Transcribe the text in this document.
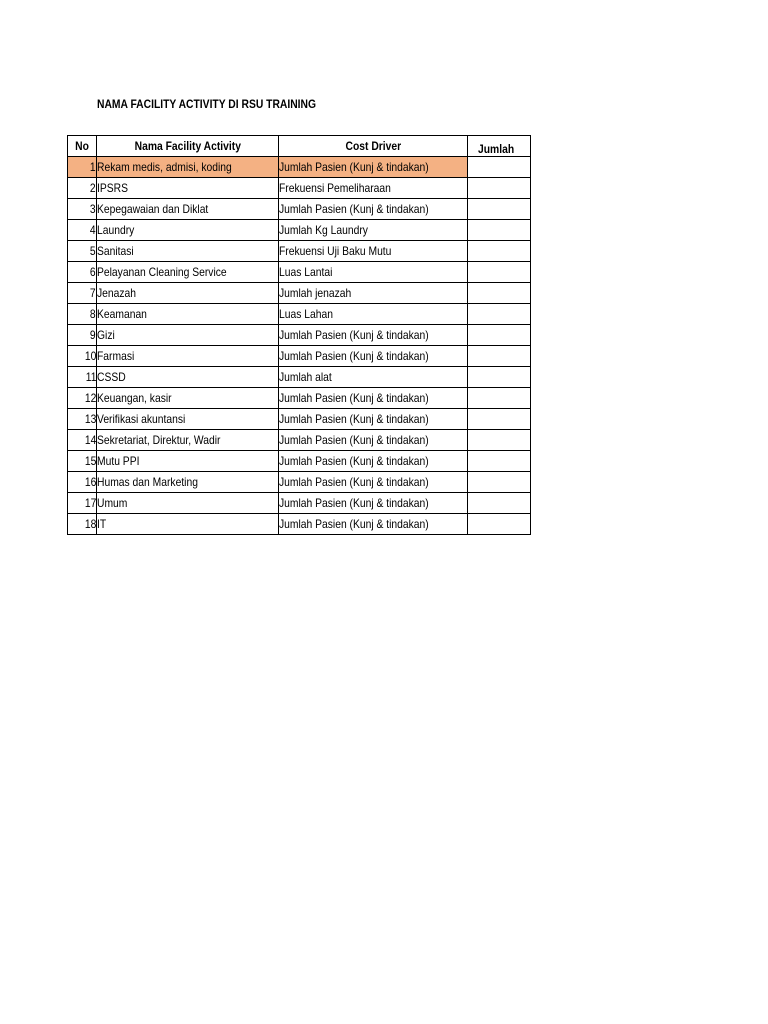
NAMA FACILITY ACTIVITY DI RSU TRAINING
No	Nama Facility Activity	Cost Driver	Jumlah
1	Rekam medis, admisi, koding	Jumlah Pasien (Kunj & tindakan)	
2	IPSRS	Frekuensi Pemeliharaan	
3	Kepegawaian dan Diklat	Jumlah Pasien (Kunj & tindakan)	
4	Laundry	Jumlah Kg Laundry	
5	Sanitasi	Frekuensi Uji Baku Mutu	
6	Pelayanan Cleaning Service	Luas Lantai	
7	Jenazah	Jumlah jenazah	
8	Keamanan	Luas Lahan	
9	Gizi	Jumlah Pasien (Kunj & tindakan)	
10	Farmasi	Jumlah Pasien (Kunj & tindakan)	
11	CSSD	Jumlah alat	
12	Keuangan, kasir	Jumlah Pasien (Kunj & tindakan)	
13	Verifikasi akuntansi	Jumlah Pasien (Kunj & tindakan)	
14	Sekretariat, Direktur, Wadir	Jumlah Pasien (Kunj & tindakan)	
15	Mutu PPI	Jumlah Pasien (Kunj & tindakan)	
16	Humas dan Marketing	Jumlah Pasien (Kunj & tindakan)	
17	Umum	Jumlah Pasien (Kunj & tindakan)	
18	IT	Jumlah Pasien (Kunj & tindakan)	
